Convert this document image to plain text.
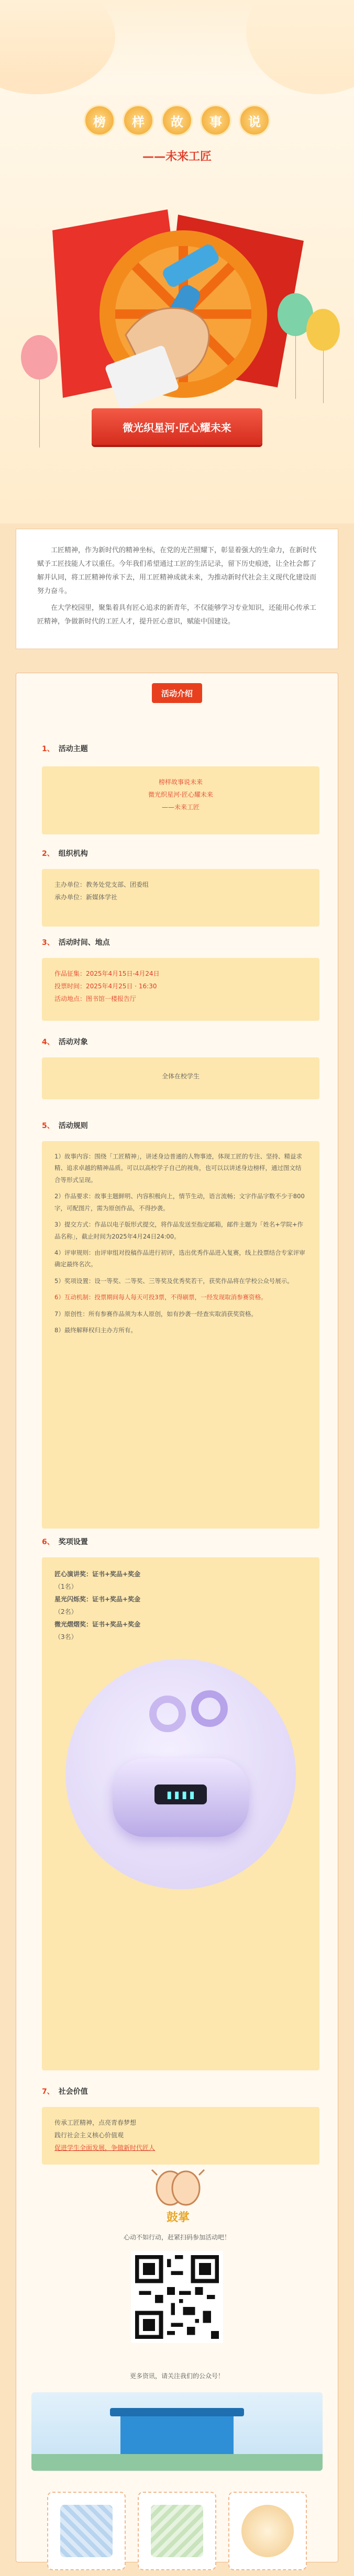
榜	样	故	事	说
——未来工匠
微光织星河·匠心耀未来

工匠精神，作为新时代的精神坐标，在党的光芒照耀下，彰显着强大的生命力，在新时代赋予工匠技能人才以重任。今年我们希望通过工匠的生活记录，留下历史痕迹，让全社会都了解并认同，将工匠精神传承下去，用工匠精神成就未来，为推动新时代社会主义现代化建设而努力奋斗。

在大学校园里，聚集着具有匠心追求的新青年，不仅能够学习专业知识，还能用心传承工匠精神，争做新时代的工匠人才，提升匠心意识，赋能中国建设。

活动介绍
1、 活动主题
榜样故事说未来
微光织星河·匠心耀未来
——未来工匠
2、 组织机构
主办单位：教务处党支部、团委组
承办单位：新媒体学社
3、 活动时间、地点
作品征集：2025年4月15日-4月24日
投票时间：2025年4月25日 · 16:30
活动地点：图书馆一楼报告厅
4、 活动对象
全体在校学生
5、 活动规则

1）故事内容：围绕「工匠精神」，讲述身边普通的人物事迹，体现工匠的专注、坚持、精益求精、追求卓越的精神品质。可以以高校学子自己的视角，也可以以讲述身边榜样，通过图文结合等形式呈现。

2）作品要求：故事主题鲜明、内容积极向上，情节生动，语言流畅；文字作品字数不少于800字，可配图片，需为原创作品，不得抄袭。

3）提交方式：作品以电子版形式提交，将作品发送至指定邮箱，邮件主题为「姓名+学院+作品名称」，截止时间为2025年4月24日24:00。

4）评审规则：由评审组对投稿作品进行初评，选出优秀作品进入复赛，线上投票结合专家评审确定最终名次。

5）奖项设置：设一等奖、二等奖、三等奖及优秀奖若干，获奖作品将在学校公众号展示。

6）互动机制：投票期间每人每天可投3票，不得刷票，一经发现取消参赛资格。

7）原创性：所有参赛作品须为本人原创，如有抄袭一经查实取消获奖资格。

8）最终解释权归主办方所有。

6、 奖项设置
匠心演讲奖：证书+奖品+奖金
（1名）
星光闪烁奖：证书+奖品+奖金
（2名）
微光熠熠奖：证书+奖品+奖金
（3名）
▮▮▮▮
7、 社会价值
传承工匠精神，点亮青春梦想
践行社会主义核心价值观
促进学生全面发展，争做新时代匠人
鼓掌
心动不如行动，赶紧扫码参加活动吧！
更多资讯，请关注我们的公众号！
